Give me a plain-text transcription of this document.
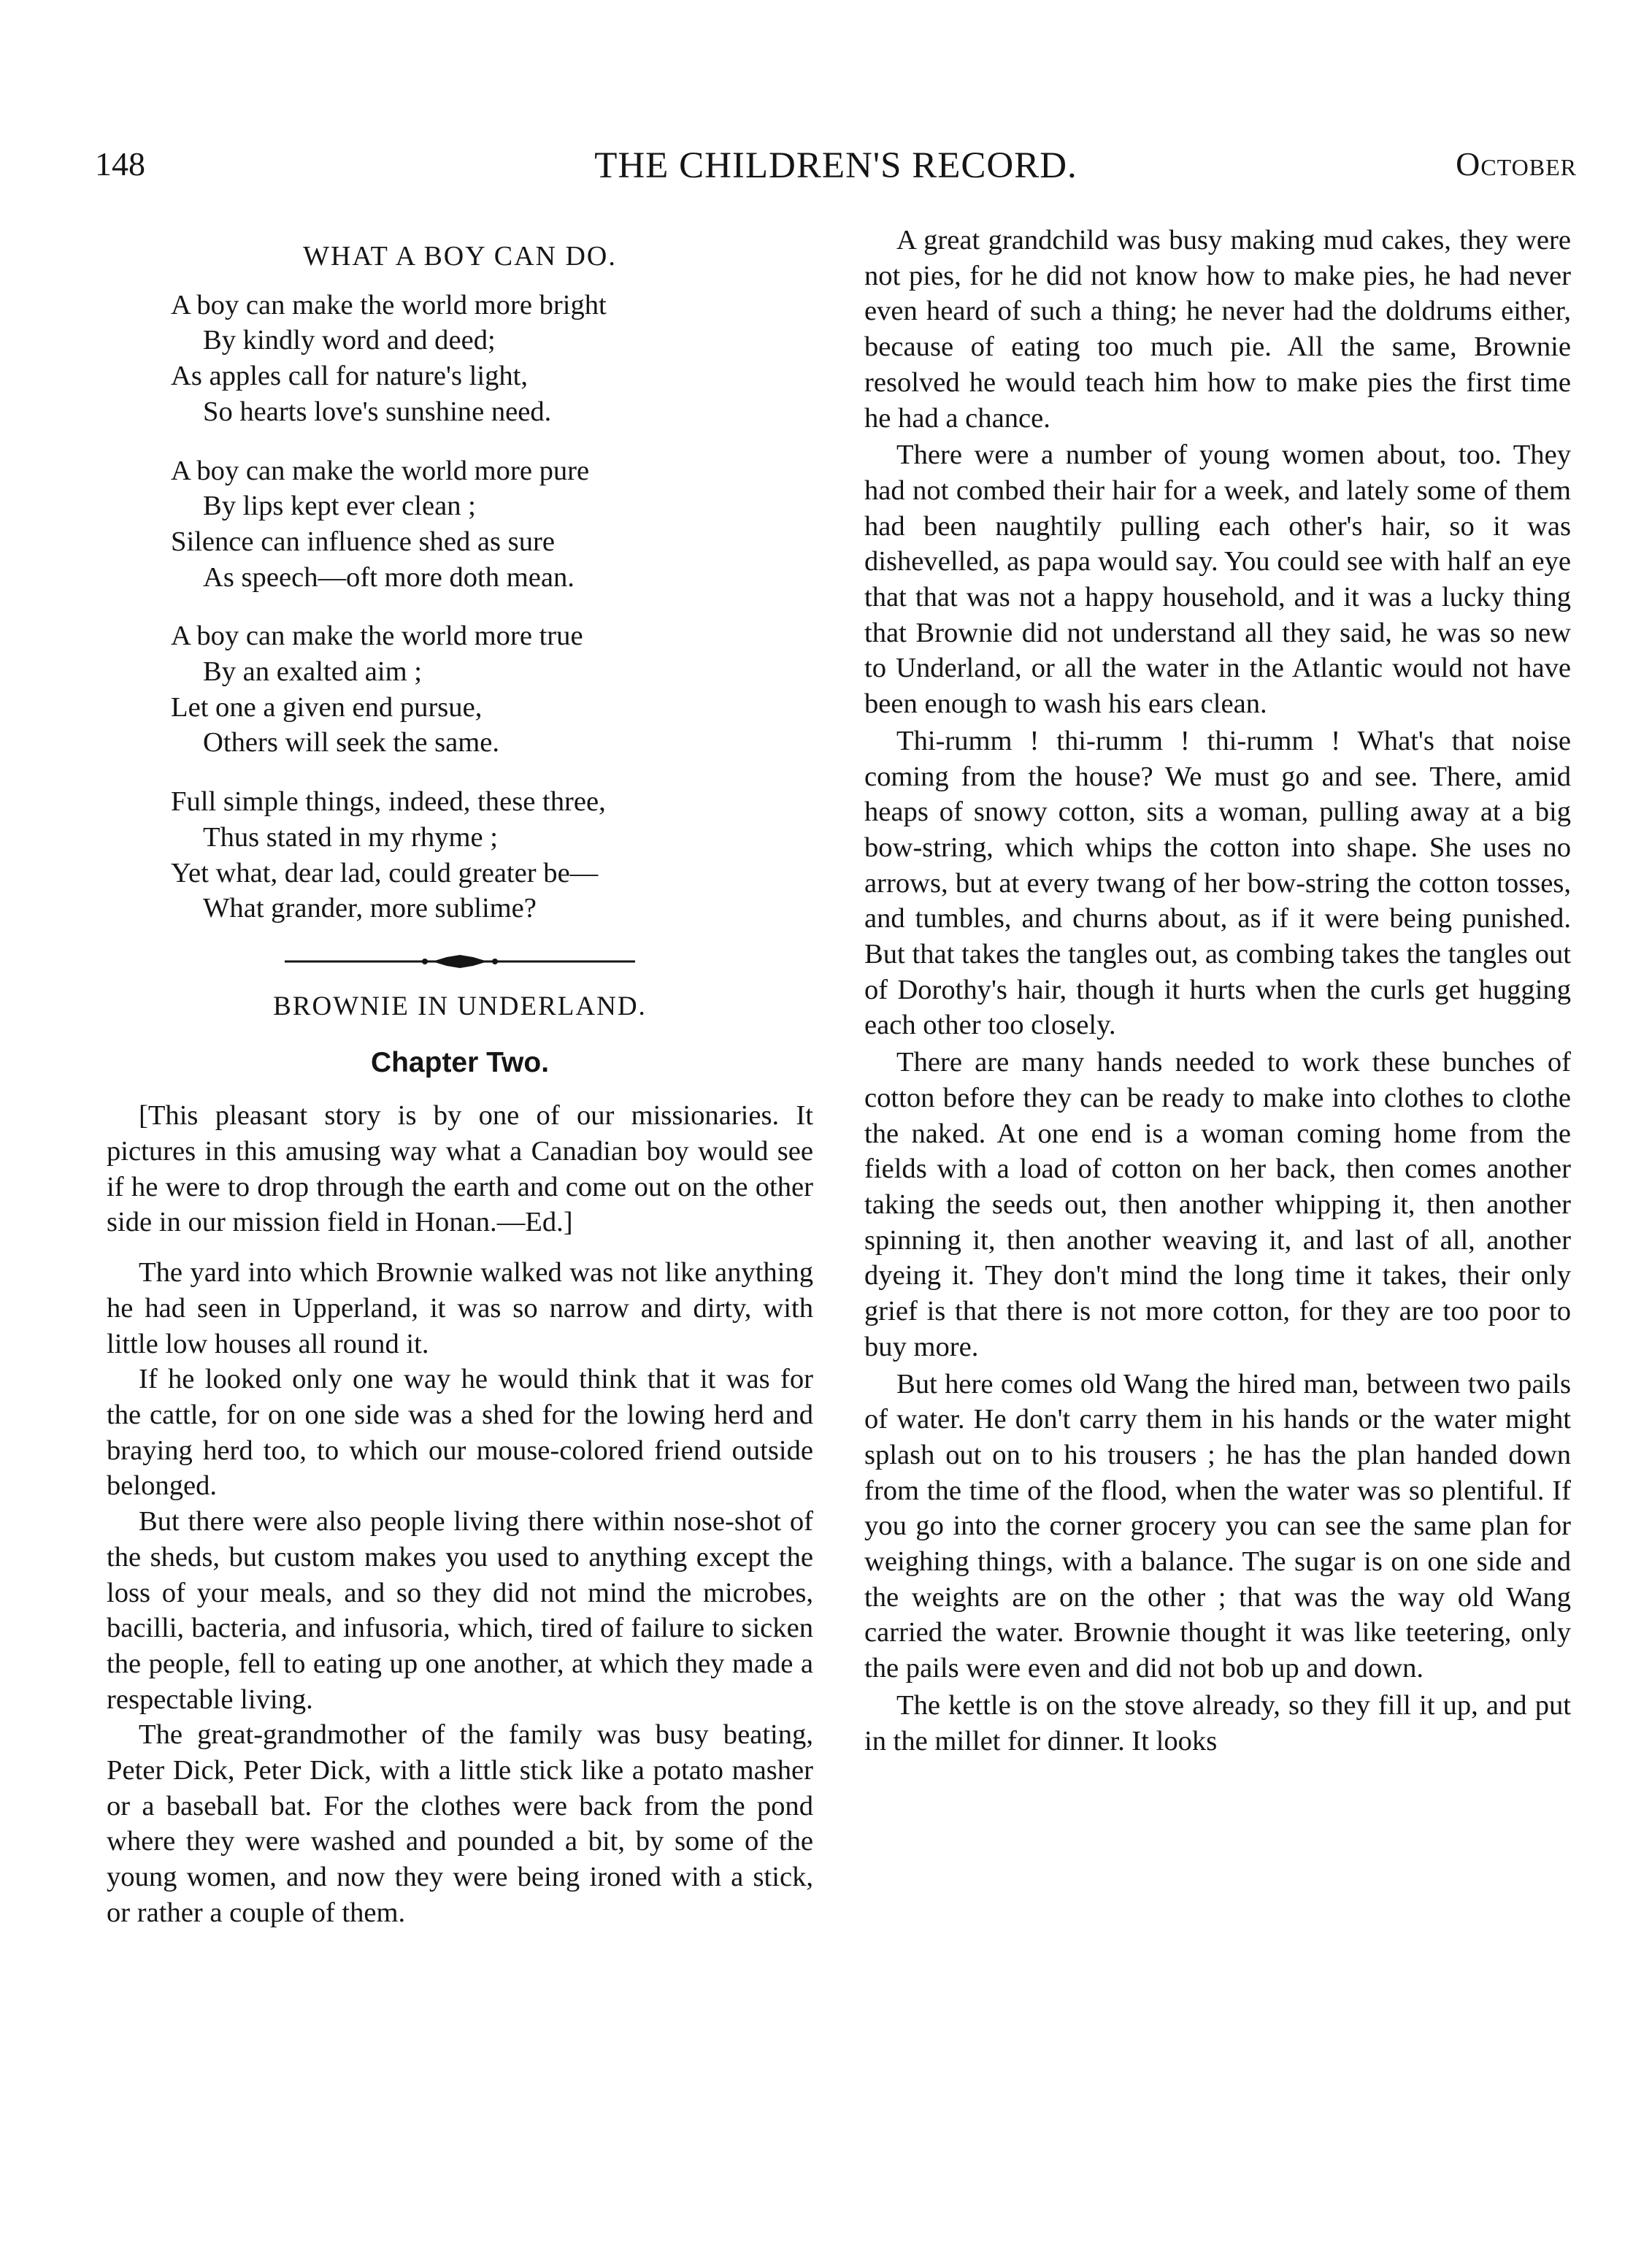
148	THE CHILDREN'S RECORD.	October
WHAT A BOY CAN DO.
A boy can make the world more bright
By kindly word and deed;
As apples call for nature's light,
So hearts love's sunshine need.
A boy can make the world more pure
By lips kept ever clean ;
Silence can influence shed as sure
As speech—oft more doth mean.
A boy can make the world more true
By an exalted aim ;
Let one a given end pursue,
Others will seek the same.
Full simple things, indeed, these three,
Thus stated in my rhyme ;
Yet what, dear lad, could greater be—
What grander, more sublime?
BROWNIE IN UNDERLAND.
Chapter Two.

[This pleasant story is by one of our missionaries. It pictures in this amusing way what a Canadian boy would see if he were to drop through the earth and come out on the other side in our mission field in Honan.—Ed.]

The yard into which Brownie walked was not like anything he had seen in Upperland, it was so narrow and dirty, with little low houses all round it.

If he looked only one way he would think that it was for the cattle, for on one side was a shed for the lowing herd and braying herd too, to which our mouse-colored friend outside belonged.

But there were also people living there within nose-shot of the sheds, but custom makes you used to anything except the loss of your meals, and so they did not mind the microbes, bacilli, bacteria, and infusoria, which, tired of failure to sicken the people, fell to eating up one another, at which they made a respectable living.

The great-grandmother of the family was busy beating, Peter Dick, Peter Dick, with a little stick like a potato masher or a baseball bat. For the clothes were back from the pond where they were washed and pounded a bit, by some of the young women, and now they were being ironed with a stick, or rather a couple of them.

A great grandchild was busy making mud cakes, they were not pies, for he did not know how to make pies, he had never even heard of such a thing; he never had the doldrums either, because of eating too much pie. All the same, Brownie resolved he would teach him how to make pies the first time he had a chance.

There were a number of young women about, too. They had not combed their hair for a week, and lately some of them had been naughtily pulling each other's hair, so it was dishevelled, as papa would say. You could see with half an eye that that was not a happy household, and it was a lucky thing that Brownie did not understand all they said, he was so new to Underland, or all the water in the Atlantic would not have been enough to wash his ears clean.

Thi-rumm ! thi-rumm ! thi-rumm ! What's that noise coming from the house? We must go and see. There, amid heaps of snowy cotton, sits a woman, pulling away at a big bow-string, which whips the cotton into shape. She uses no arrows, but at every twang of her bow-string the cotton tosses, and tumbles, and churns about, as if it were being punished. But that takes the tangles out, as combing takes the tangles out of Dorothy's hair, though it hurts when the curls get hugging each other too closely.

There are many hands needed to work these bunches of cotton before they can be ready to make into clothes to clothe the naked. At one end is a woman coming home from the fields with a load of cotton on her back, then comes another taking the seeds out, then another whipping it, then another spinning it, then another weaving it, and last of all, another dyeing it. They don't mind the long time it takes, their only grief is that there is not more cotton, for they are too poor to buy more.

But here comes old Wang the hired man, between two pails of water. He don't carry them in his hands or the water might splash out on to his trousers ; he has the plan handed down from the time of the flood, when the water was so plentiful. If you go into the corner grocery you can see the same plan for weighing things, with a balance. The sugar is on one side and the weights are on the other ; that was the way old Wang carried the water. Brownie thought it was like teetering, only the pails were even and did not bob up and down.

The kettle is on the stove already, so they fill it up, and put in the millet for dinner. It looks
